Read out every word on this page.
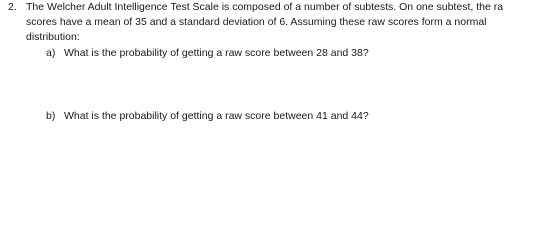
2. The Welcher Adult Intelligence Test Scale is composed of a number of subtests. On one subtest, the ra
scores have a mean of 35 and a standard deviation of 6. Assuming these raw scores form a normal
distribution:
a) What is the probability of getting a raw score between 28 and 38?
b) What is the probability of getting a raw score between 41 and 44?
